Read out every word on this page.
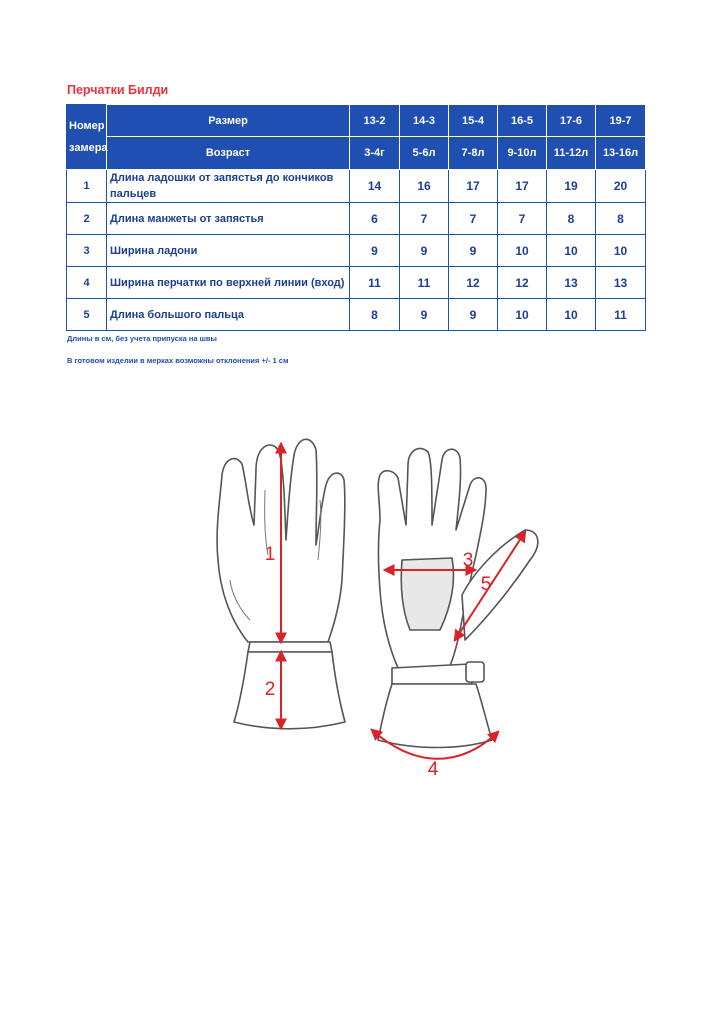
Перчатки Билди
Номер замера	Размер	13-2	14-3	15-4	16-5	17-6	19-7
	Возраст	3-4г	5-6л	7-8л	9-10л	11-12л	13-16л
1	Длина ладошки от запястья до кончиков пальцев	14	16	17	17	19	20
2	Длина манжеты от запястья	6	7	7	7	8	8
3	Ширина ладони	9	9	9	10	10	10
4	Ширина перчатки по верхней линии (вход)	11	11	12	12	13	13
5	Длина большого пальца	8	9	9	10	10	11
Длины в см, без учета припуска на швы
В готовом изделии в мерках возможны отклонения +/- 1 см
1
2
3
4
5
